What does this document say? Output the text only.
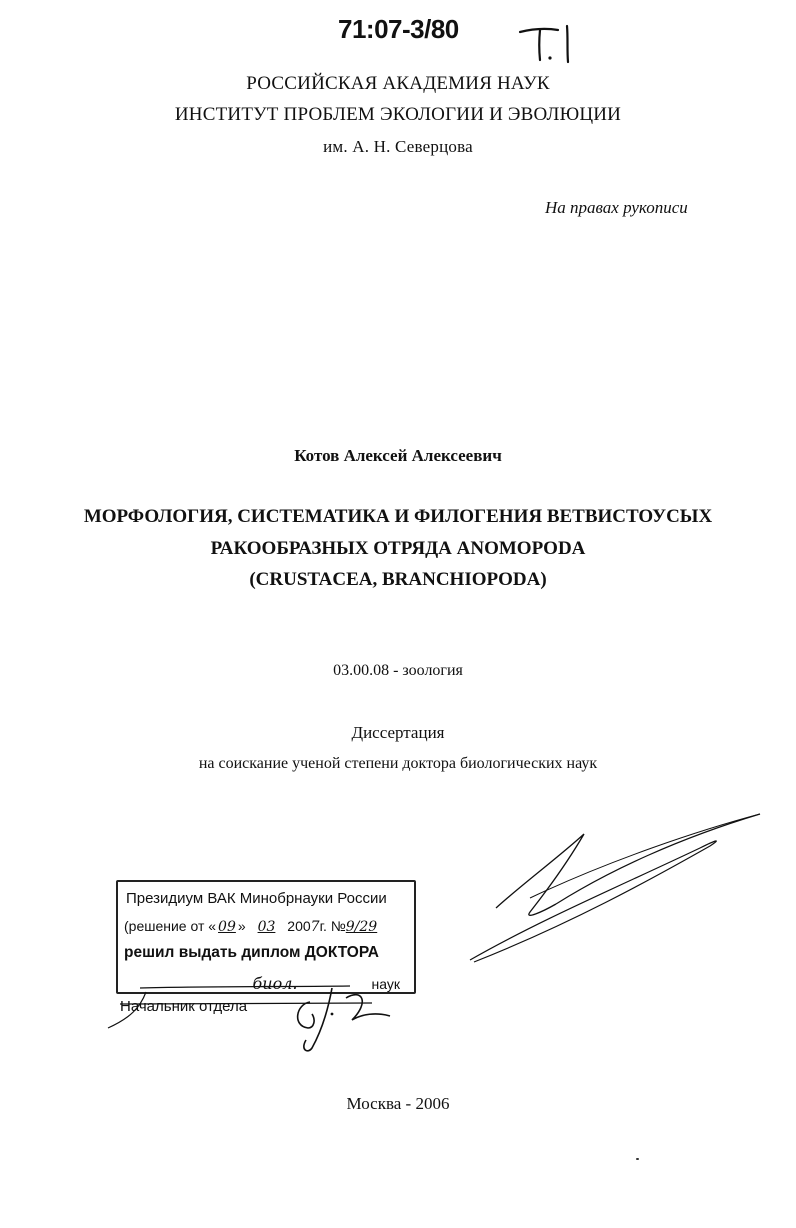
71:07-3/80
РОССИЙСКАЯ АКАДЕМИЯ НАУК
ИНСТИТУТ ПРОБЛЕМ ЭКОЛОГИИ И ЭВОЛЮЦИИ
им. А. Н. Северцова
На правах рукописи
Котов Алексей Алексеевич
МОРФОЛОГИЯ, СИСТЕМАТИКА И ФИЛОГЕНИЯ ВЕТВИСТОУСЫХ
РАКООБРАЗНЫХ ОТРЯДА ANOMOPODA
(CRUSTACEA, BRANCHIOPODA)
03.00.08 - зоология
Диссертация
на соискание ученой степени доктора биологических наук
Президиум ВАК Минобрнауки России
(решение от « 09 » 03 2007г. №9/29
решил выдать диплом ДОКТОРА
биол.	наук
Начальник отдела
Москва - 2006
